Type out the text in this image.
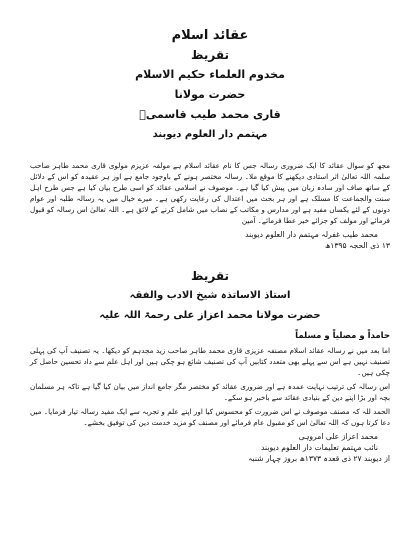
عقائد اسلام
تقریظ
مخدوم العلماء حکیم الاسلام
حضرت مولانا
قاری محمد طیب قاسمیؒ
مہتمم دار العلوم دیوبند

مجھ کو سوال عقائد کا ایک ضروری رسالہ جس کا نام عقائد اسلام ہے مولفہ عزیزم مولوی قاری محمد طاہر صاحب سلمہ اللہ تعالیٰ اثر استادی دیکھنے کا موقع ملا۔ رسالہ مختصر ہونے کے باوجود جامع ہے اور ہر عقیدہ کو اس کے دلائل کے ساتھ صاف اور سادہ زبان میں پیش کیا گیا ہے۔ موصوف نے اسلامی عقائد کو اسی طرح بیان کیا ہے جس طرح اہل سنت والجماعت کا مسلک ہے اور ہر بحث میں اعتدال کی رعایت رکھی ہے۔ میرے خیال میں یہ رسالہ طلبہ اور عوام دونوں کے لئے یکساں مفید ہے اور مدارس و مکاتب کے نصاب میں شامل کرنے کے لائق ہے۔ اللہ تعالیٰ اس رسالہ کو قبول فرمائے اور مولف کو جزائے خیر عطا فرمائے۔ آمین

محمد طیب غفرلہ مہتمم دار العلوم دیوبند

۱۳ ذی الحجہ ۱۳۹۵ھ

تقریظ
استاذ الاساتذہ شیخ الادب والفقہ
حضرت مولانا محمد اعزاز علی رحمۃ اللہ علیہ
حامداً و مصلیاً و مسلماً

اما بعد میں نے رسالہ عقائد اسلام مصنفہ عزیزی قاری محمد طاہر صاحب زید مجدہم کو دیکھا۔ یہ تصنیف آپ کی پہلی تصنیف نہیں ہے اس سے پہلے بھی متعدد کتابیں آپ کی تصنیف شائع ہو چکی ہیں اور اہل علم سے داد تحسین حاصل کر چکی ہیں۔

اس رسالہ کی ترتیب نہایت عمدہ ہے اور ضروری عقائد کو مختصر مگر جامع انداز میں بیان کیا گیا ہے تاکہ ہر مسلمان بچہ اور بڑا اپنے دین کے بنیادی عقائد سے باخبر ہو سکے۔

الحمد للہ کہ مصنف موصوف نے اس ضرورت کو محسوس کیا اور اپنے علم و تجربہ سے ایک مفید رسالہ تیار فرمایا۔ میں دعا کرتا ہوں کہ اللہ تعالیٰ اس کو مقبول عام فرمائے اور مصنف کو مزید خدمت دین کی توفیق بخشے۔

محمد اعزاز علی امروہی

نائب مہتمم تعلیمات دار العلوم دیوبند

از دیوبند ۲۷ ذی قعدہ ۱۳۷۳ھ بروز چہار شنبہ
